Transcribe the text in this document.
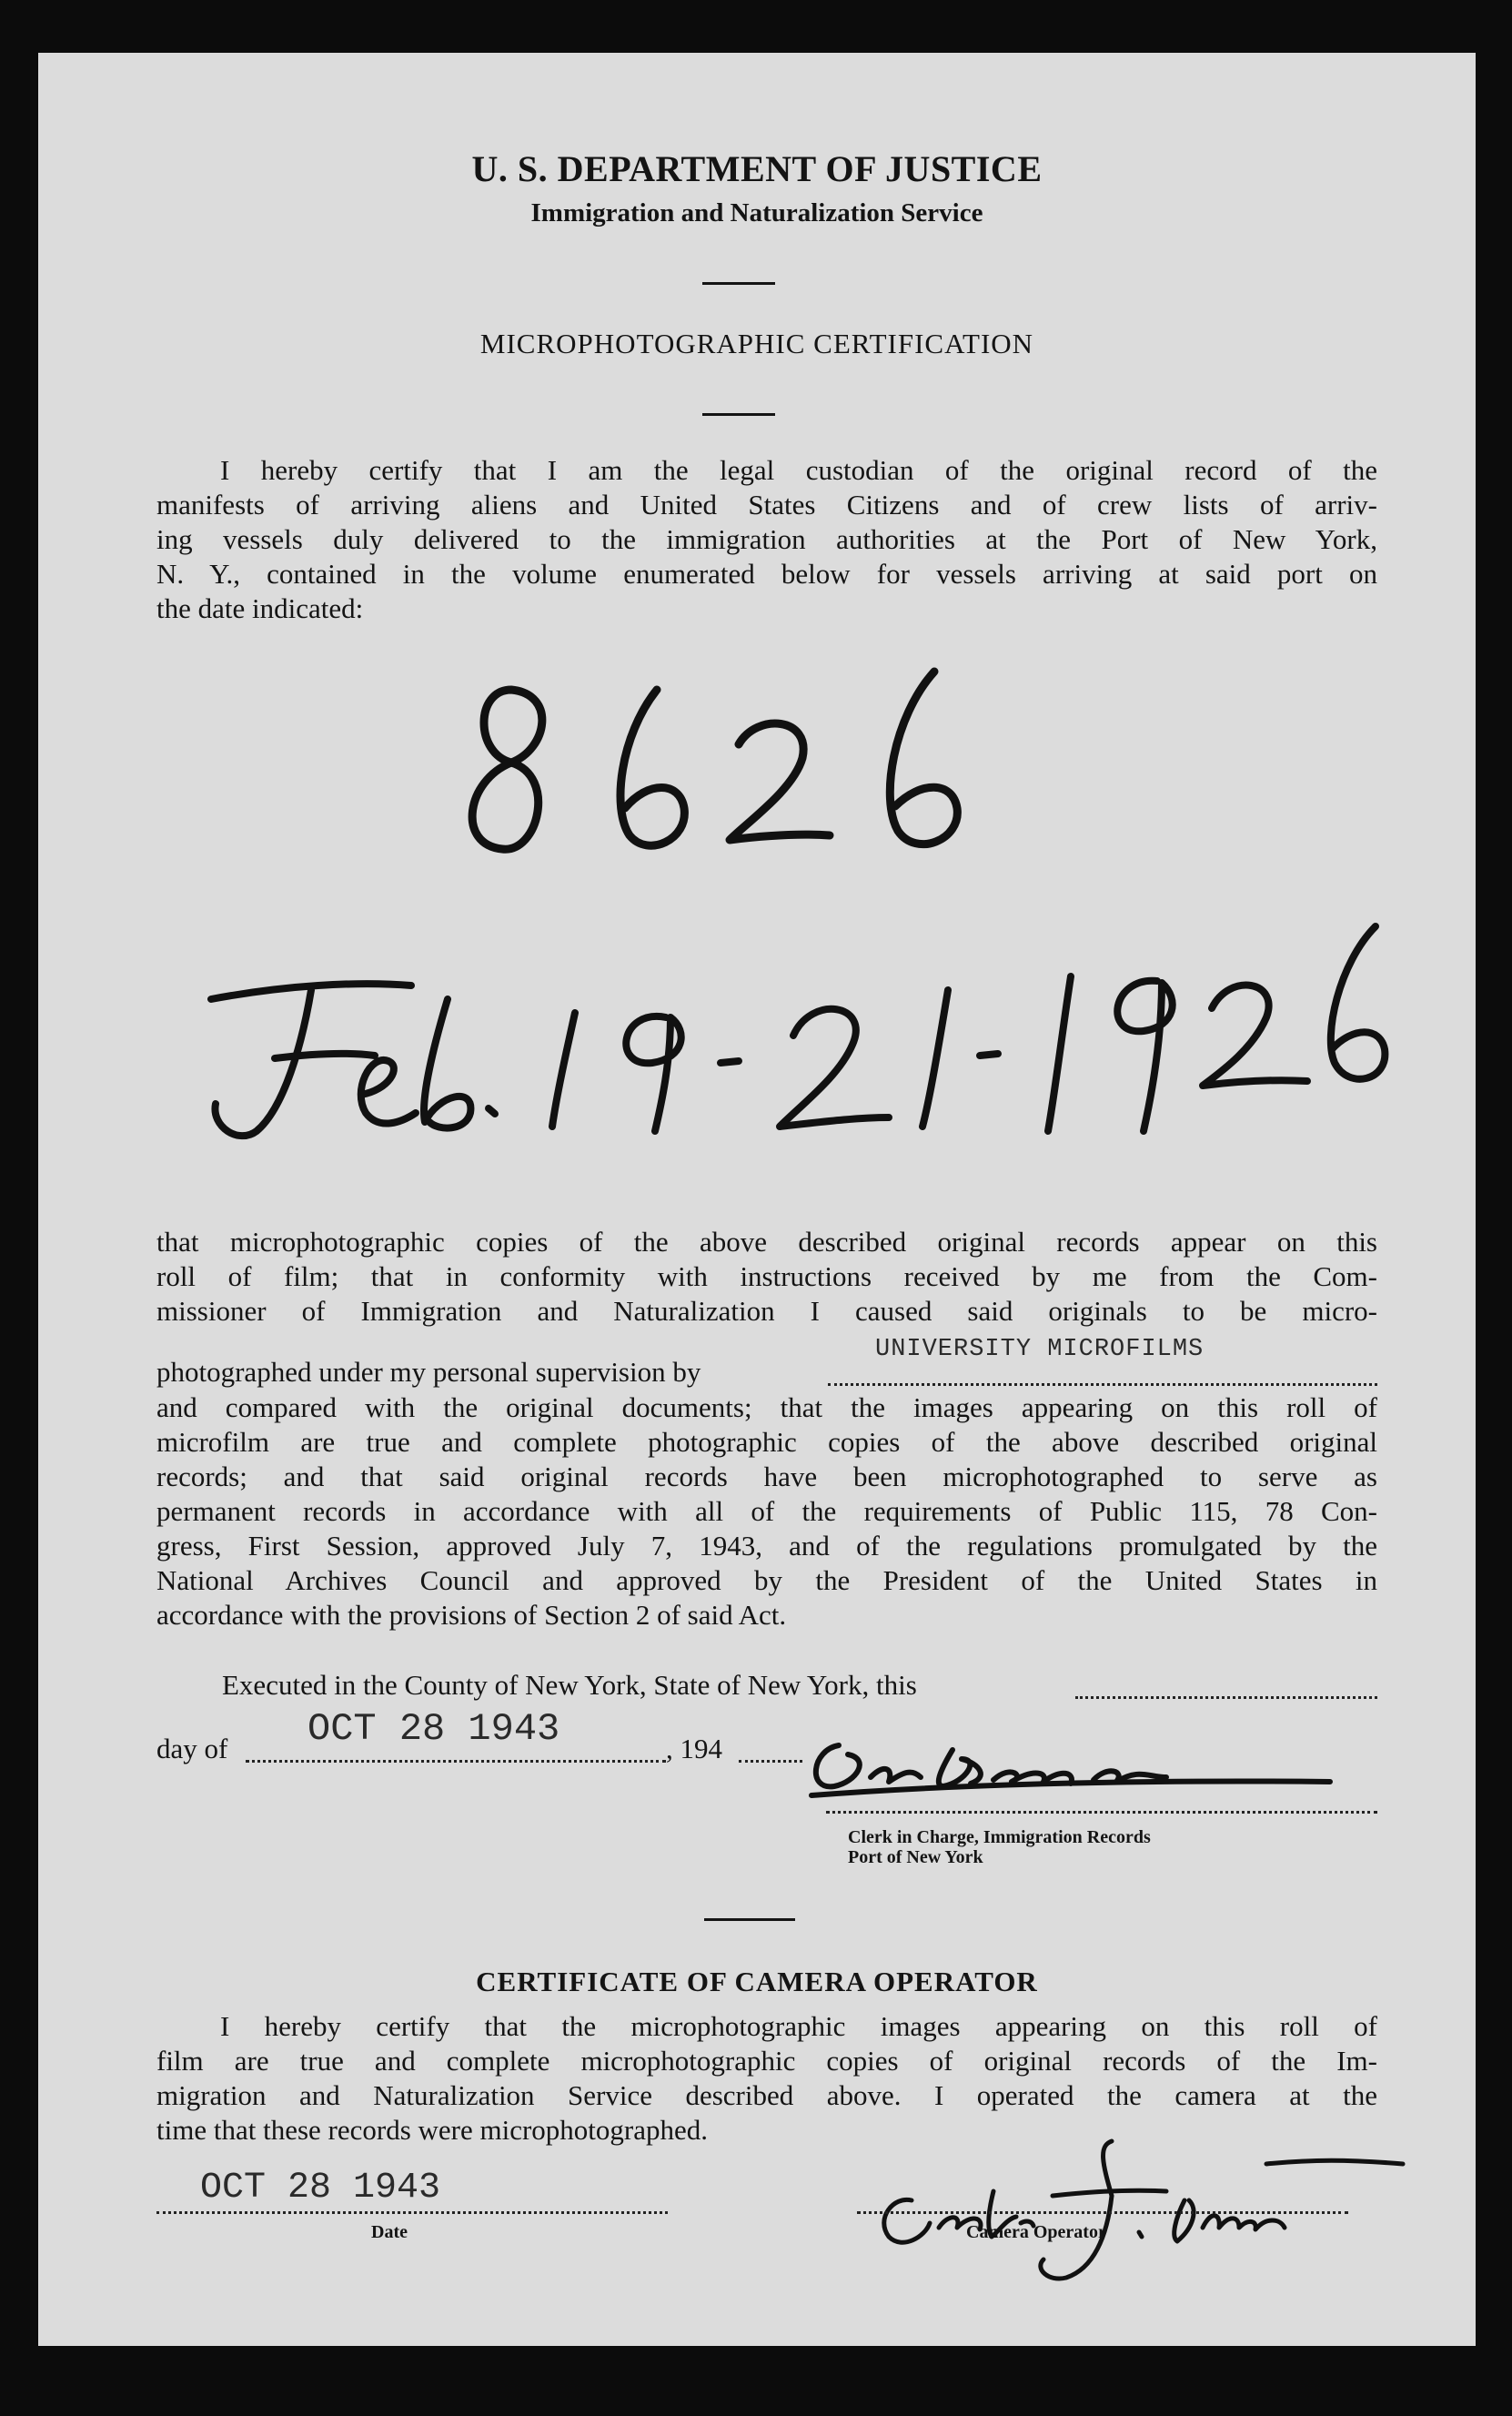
U. S. DEPARTMENT OF JUSTICE
Immigration and Naturalization Service
MICROPHOTOGRAPHIC CERTIFICATION
I hereby certify that I am the legal custodian of the original record of the
manifests of arriving aliens and United States Citizens and of crew lists of arriv-
ing vessels duly delivered to the immigration authorities at the Port of New York,
N. Y., contained in the volume enumerated below for vessels arriving at said port on
the date indicated:
that microphotographic copies of the above described original records appear on this
roll of film; that in conformity with instructions received by me from the Com-
missioner of Immigration and Naturalization I caused said originals to be micro-
photographed under my personal supervision by
UNIVERSITY MICROFILMS
and compared with the original documents; that the images appearing on this roll of
microfilm are true and complete photographic copies of the above described original
records; and that said original records have been microphotographed to serve as
permanent records in accordance with all of the requirements of Public 115, 78 Con-
gress, First Session, approved July 7, 1943, and of the regulations promulgated by the
National Archives Council and approved by the President of the United States in
accordance with the provisions of Section 2 of said Act.
Executed in the County of New York, State of New York, this
day of OCT 28 1943	, 194
Clerk in Charge, Immigration Records
Port of New York
CERTIFICATE OF CAMERA OPERATOR
I hereby certify that the microphotographic images appearing on this roll of
film are true and complete microphotographic copies of original records of the Im-
migration and Naturalization Service described above. I operated the camera at the
time that these records were microphotographed.
OCT 28 1943
Date	Camera Operator
